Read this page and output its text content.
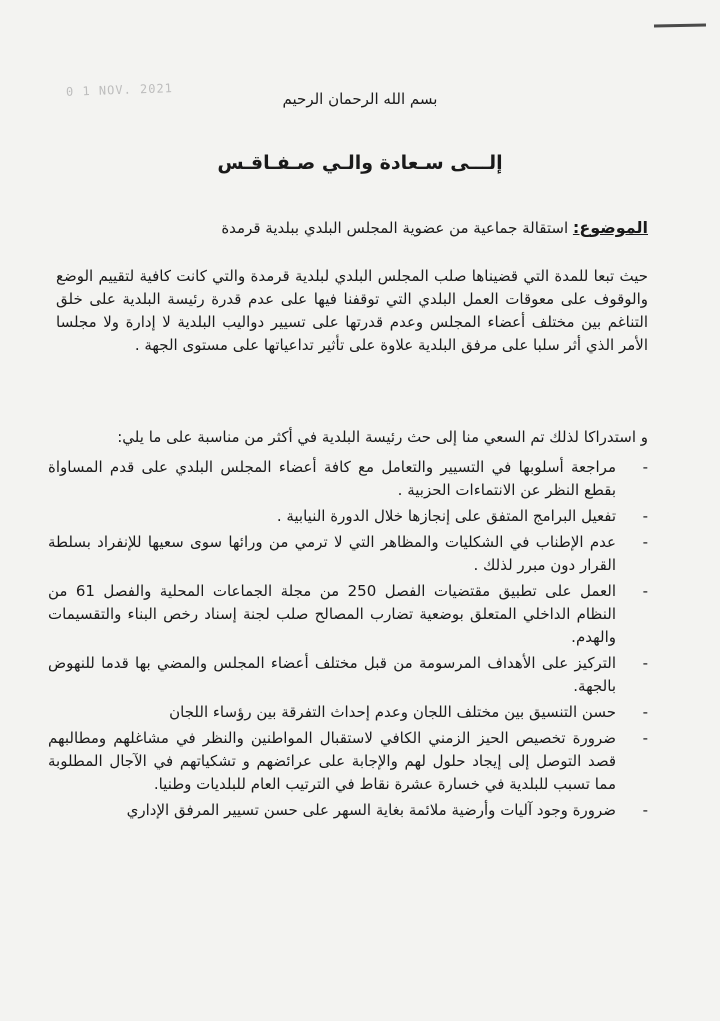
0 1 NOV. 2021	بسم الله الرحمان الرحيم
إلـــى سـعادة والـي صـفـاقـس
الموضوع: استقالة جماعية من عضوية المجلس البلدي ببلدية قرمدة
حيث تبعا للمدة التي قضيناها صلب المجلس البلدي لبلدية قرمدة والتي كانت كافية لتقييم الوضع والوقوف على معوقات العمل البلدي التي توقفنا فيها على عدم قدرة رئيسة البلدية على خلق التناغم بين مختلف أعضاء المجلس وعدم قدرتها على تسيير دواليب البلدية لا إدارة ولا مجلسا الأمر الذي أثر سلبا على مرفق البلدية علاوة على تأثير تداعياتها على مستوى الجهة .
و استدراكا لذلك تم السعي منا إلى حث رئيسة البلدية في أكثر من مناسبة على ما يلي:
-
مراجعة أسلوبها في التسيير والتعامل مع كافة أعضاء المجلس البلدي على قدم المساواة بقطع النظر عن الانتماءات الحزبية .
-
تفعيل البرامج المتفق على إنجازها خلال الدورة النيابية .
-
عدم الإطناب في الشكليات والمظاهر التي لا ترمي من ورائها سوى سعيها للإنفراد بسلطة القرار دون مبرر لذلك .
-
العمل على تطبيق مقتضيات الفصل 250 من مجلة الجماعات المحلية والفصل 61 من النظام الداخلي المتعلق بوضعية تضارب المصالح صلب لجنة إسناد رخص البناء والتقسيمات والهدم.
-
التركيز على الأهداف المرسومة من قبل مختلف أعضاء المجلس والمضي بها قدما للنهوض بالجهة.
-
حسن التنسيق بين مختلف اللجان وعدم إحداث التفرقة بين رؤساء اللجان
-
ضرورة تخصيص الحيز الزمني الكافي لاستقبال المواطنين والنظر في مشاغلهم ومطالبهم قصد التوصل إلى إيجاد حلول لهم والإجابة على عرائضهم و تشكياتهم في الآجال المطلوبة مما تسبب للبلدية في خسارة عشرة نقاط في الترتيب العام للبلديات وطنيا.
-
ضرورة وجود آليات وأرضية ملائمة بغاية السهر على حسن تسيير المرفق الإداري
